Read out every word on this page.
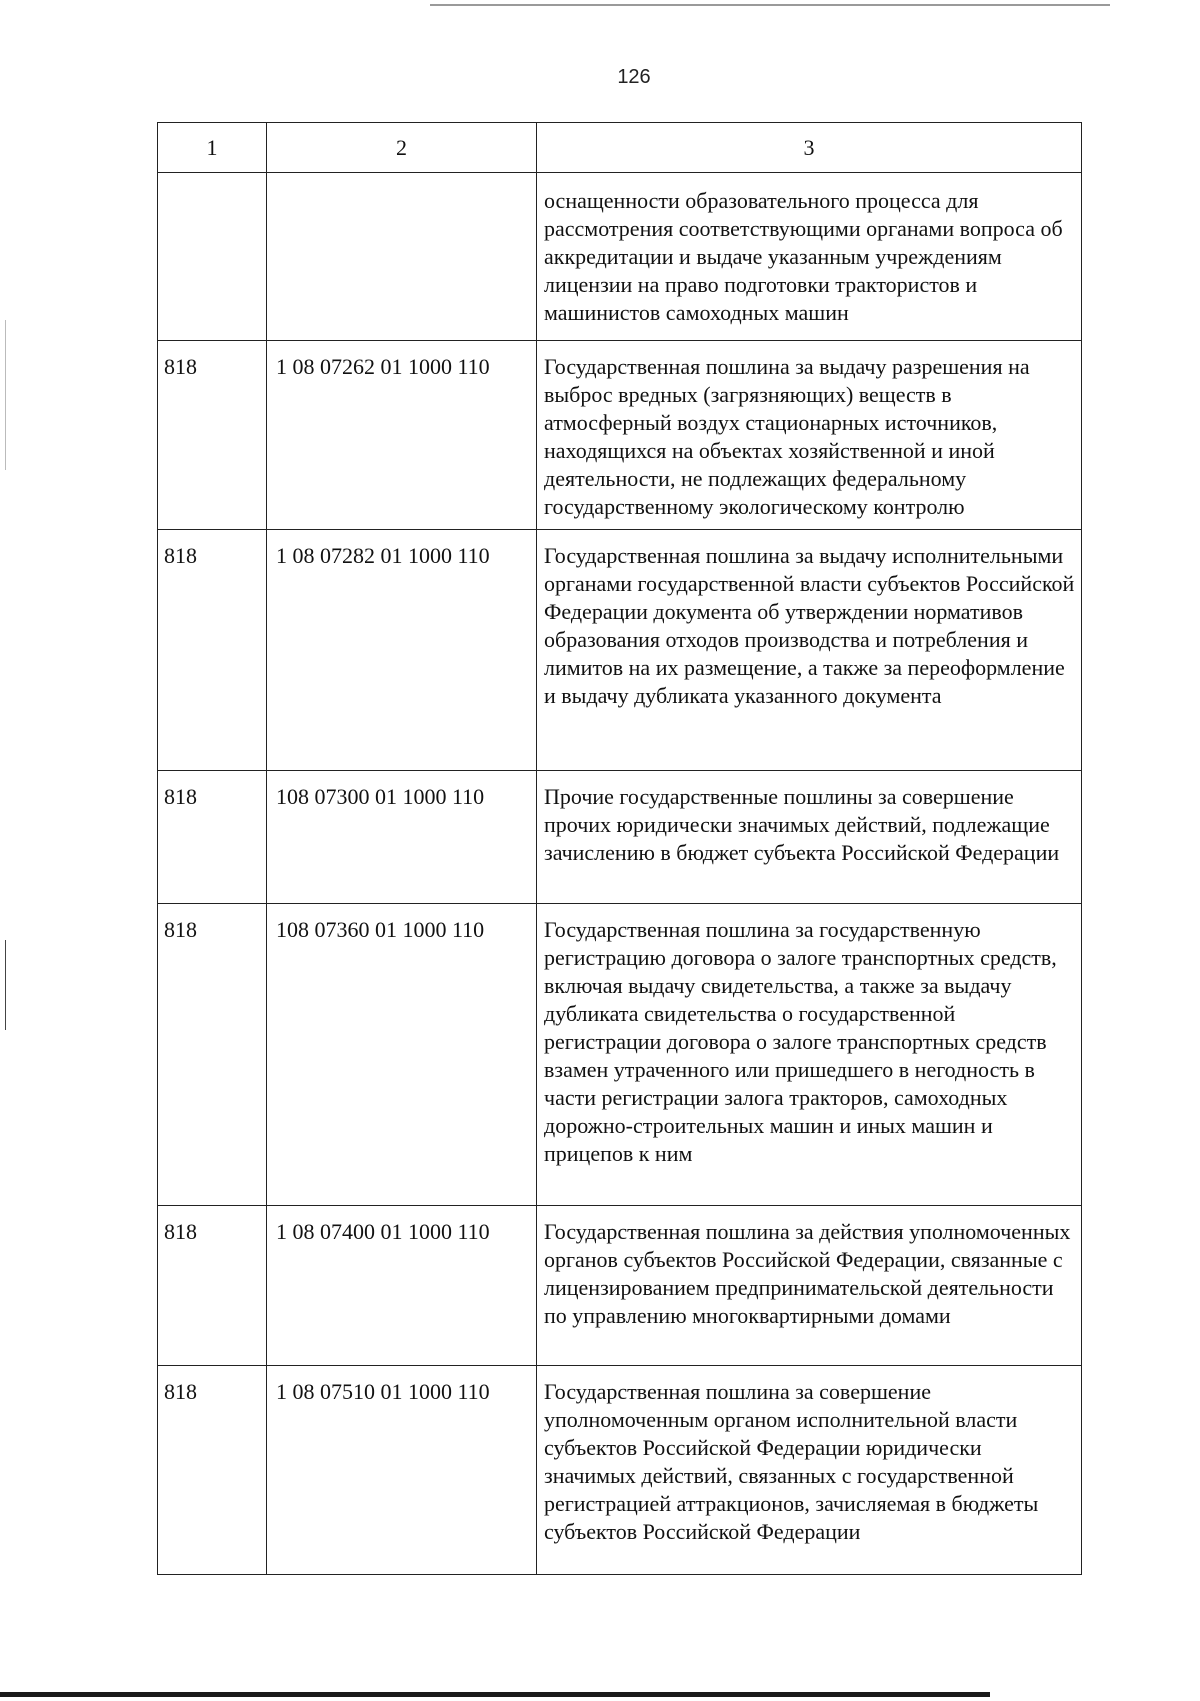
126
1	2	3
		оснащенности образовательного процесса для рассмотрения соответствующими органами вопроса об аккредитации и выдаче указанным учреждениям лицензии на право подготовки трактористов и машинистов самоходных машин
818	1 08 07262 01 1000 110	Государственная пошлина за выдачу разрешения на выброс вредных (загрязняющих) веществ в атмосферный воздух стационарных источников, находящихся на объектах хозяйственной и иной деятельности, не подлежащих федеральному государственному экологическому контролю
818	1 08 07282 01 1000 110	Государственная пошлина за выдачу исполнительными органами государственной власти субъектов Российской Федерации документа об утверждении нормативов образования отходов производства и потребления и лимитов на их размещение, а также за переоформление и выдачу дубликата указанного документа
818	108 07300 01 1000 110	Прочие государственные пошлины за совершение прочих юридически значимых действий, подлежащие зачислению в бюджет субъекта Российской Федерации
818	108 07360 01 1000 110	Государственная пошлина за государственную регистрацию договора о залоге транспортных средств, включая выдачу свидетельства, а также за выдачу дубликата свидетельства о государственной регистрации договора о залоге транспортных средств взамен утраченного или пришедшего в негодность в части регистрации залога тракторов, самоходных дорожно-строительных машин и иных машин и прицепов к ним
818	1 08 07400 01 1000 110	Государственная пошлина за действия уполномоченных органов субъектов Российской Федерации, связанные с лицензированием предпринимательской деятельности по управлению многоквартирными домами
818	1 08 07510 01 1000 110	Государственная пошлина за совершение уполномоченным органом исполнительной власти субъектов Российской Федерации юридически значимых действий, связанных с государственной регистрацией аттракционов, зачисляемая в бюджеты субъектов Российской Федерации
